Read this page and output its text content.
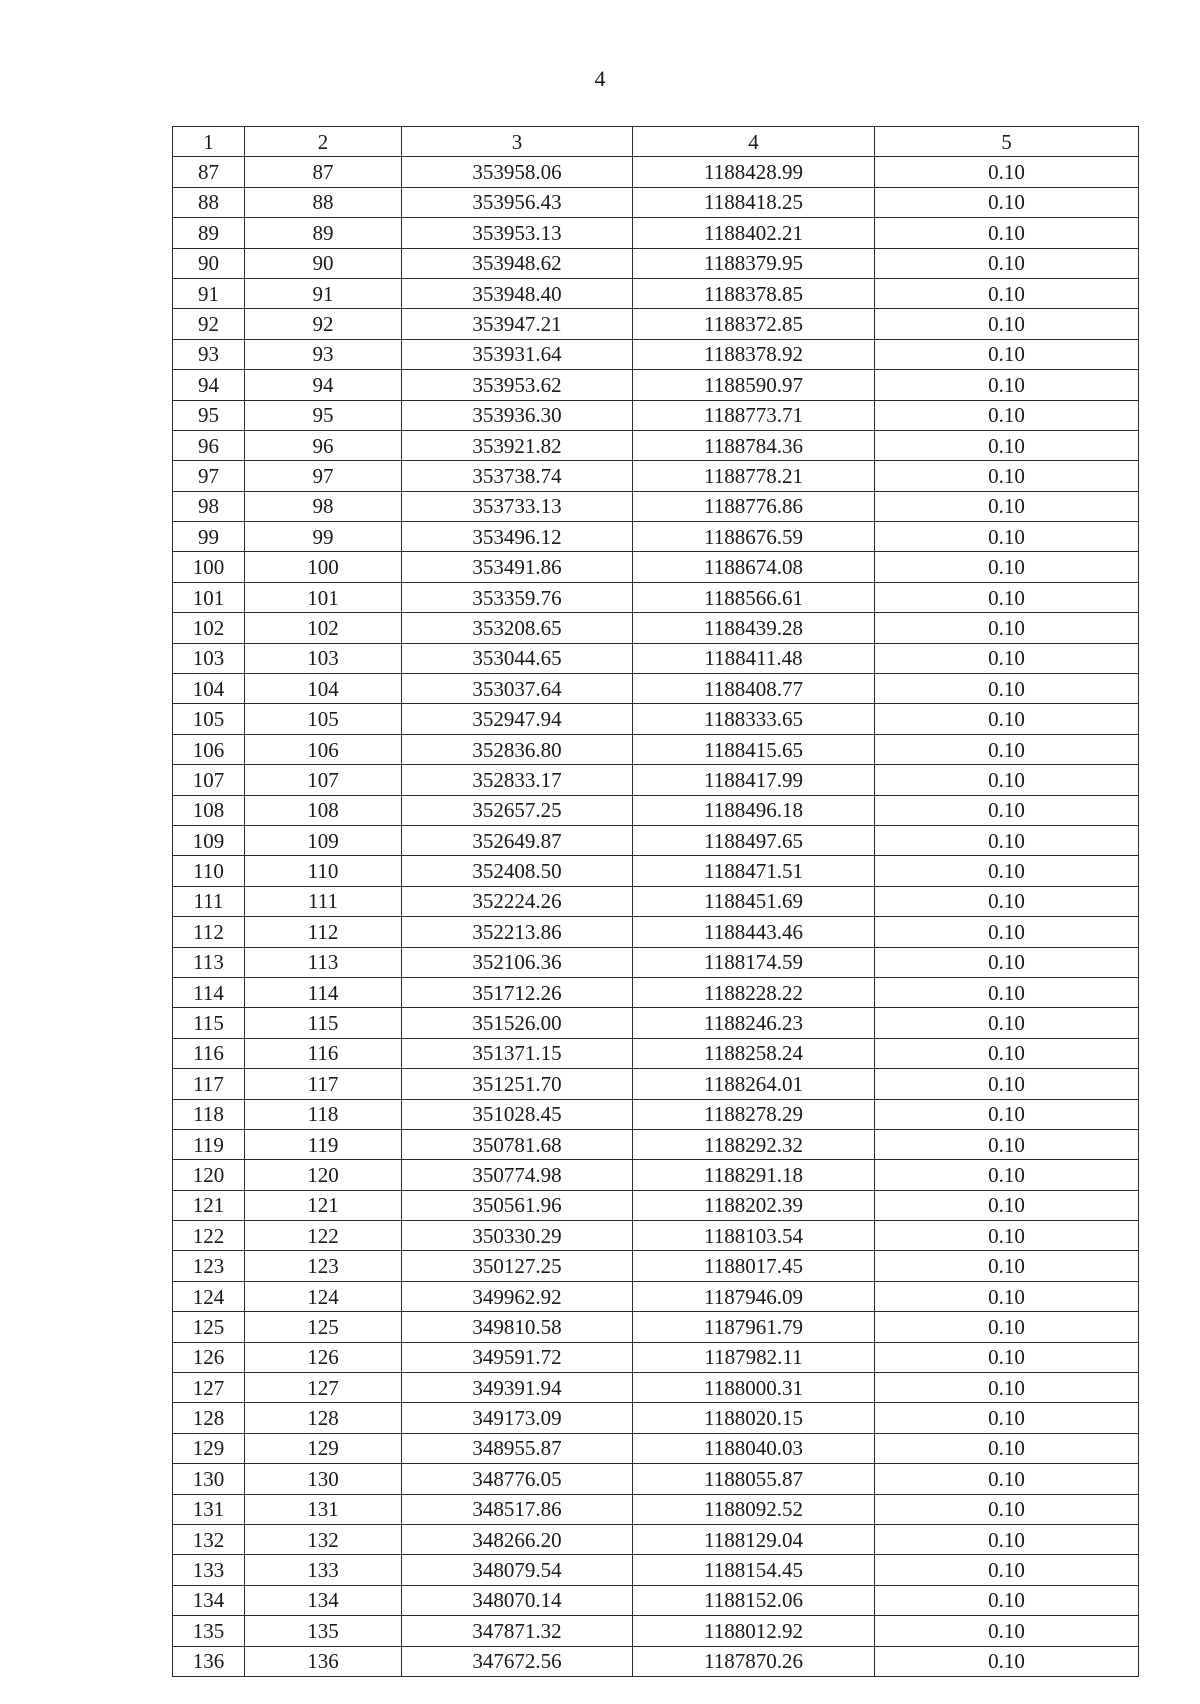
4
1	2	3	4	5
87	87	353958.06	1188428.99	0.10
88	88	353956.43	1188418.25	0.10
89	89	353953.13	1188402.21	0.10
90	90	353948.62	1188379.95	0.10
91	91	353948.40	1188378.85	0.10
92	92	353947.21	1188372.85	0.10
93	93	353931.64	1188378.92	0.10
94	94	353953.62	1188590.97	0.10
95	95	353936.30	1188773.71	0.10
96	96	353921.82	1188784.36	0.10
97	97	353738.74	1188778.21	0.10
98	98	353733.13	1188776.86	0.10
99	99	353496.12	1188676.59	0.10
100	100	353491.86	1188674.08	0.10
101	101	353359.76	1188566.61	0.10
102	102	353208.65	1188439.28	0.10
103	103	353044.65	1188411.48	0.10
104	104	353037.64	1188408.77	0.10
105	105	352947.94	1188333.65	0.10
106	106	352836.80	1188415.65	0.10
107	107	352833.17	1188417.99	0.10
108	108	352657.25	1188496.18	0.10
109	109	352649.87	1188497.65	0.10
110	110	352408.50	1188471.51	0.10
111	111	352224.26	1188451.69	0.10
112	112	352213.86	1188443.46	0.10
113	113	352106.36	1188174.59	0.10
114	114	351712.26	1188228.22	0.10
115	115	351526.00	1188246.23	0.10
116	116	351371.15	1188258.24	0.10
117	117	351251.70	1188264.01	0.10
118	118	351028.45	1188278.29	0.10
119	119	350781.68	1188292.32	0.10
120	120	350774.98	1188291.18	0.10
121	121	350561.96	1188202.39	0.10
122	122	350330.29	1188103.54	0.10
123	123	350127.25	1188017.45	0.10
124	124	349962.92	1187946.09	0.10
125	125	349810.58	1187961.79	0.10
126	126	349591.72	1187982.11	0.10
127	127	349391.94	1188000.31	0.10
128	128	349173.09	1188020.15	0.10
129	129	348955.87	1188040.03	0.10
130	130	348776.05	1188055.87	0.10
131	131	348517.86	1188092.52	0.10
132	132	348266.20	1188129.04	0.10
133	133	348079.54	1188154.45	0.10
134	134	348070.14	1188152.06	0.10
135	135	347871.32	1188012.92	0.10
136	136	347672.56	1187870.26	0.10
